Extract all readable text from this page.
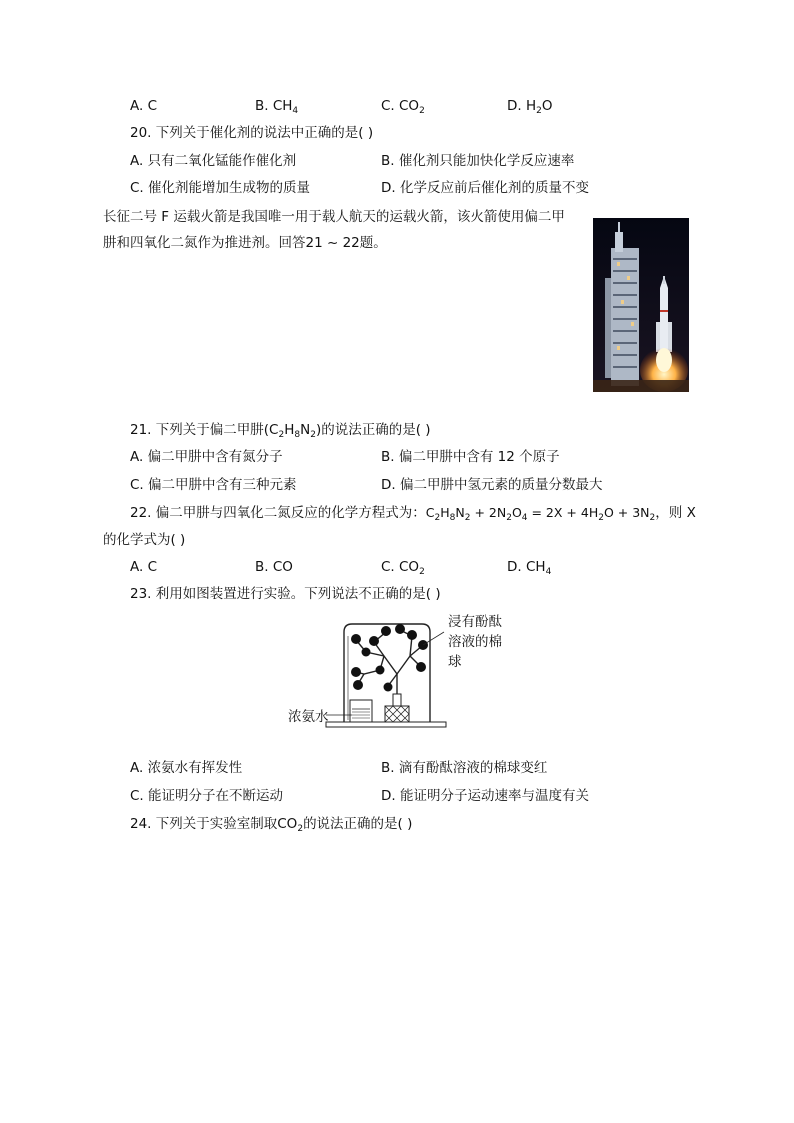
A. C	B. $CH_4$	C. $CO_2$	D. $H_2O$
20. 下列关于催化剂的说法中正确的是( )
A. 只有二氧化锰能作催化剂	B. 催化剂只能加快化学反应速率
C. 催化剂能增加生成物的质量	D. 化学反应前后催化剂的质量不变
长征二号 F 运载火箭是我国唯一用于载人航天的运载火箭，该火箭使用偏二甲
肼和四氧化二氮作为推进剂。回答21 ~ 22题。
21. 下列关于偏二甲肼$(C_2H_8N_2)$的说法正确的是( )
A. 偏二甲肼中含有氮分子	B. 偏二甲肼中含有 12 个原子
C. 偏二甲肼中含有三种元素	D. 偏二甲肼中氢元素的质量分数最大
22. 偏二甲肼与四氧化二氮反应的化学方程式为：$C_2H_8N_2 + 2N_2O_4 = 2X + 4H_2O + 3N_2$，则 X
的化学式为( )
A. C	B. CO	C. $CO_2$	D. $CH_4$
23. 利用如图装置进行实验。下列说法不正确的是( )
浸有酚酞
溶液的棉
球
浓氨水
A. 浓氨水有挥发性	B. 滴有酚酞溶液的棉球变红
C. 能证明分子在不断运动	D. 能证明分子运动速率与温度有关
24. 下列关于实验室制取$CO_2$的说法正确的是( )
